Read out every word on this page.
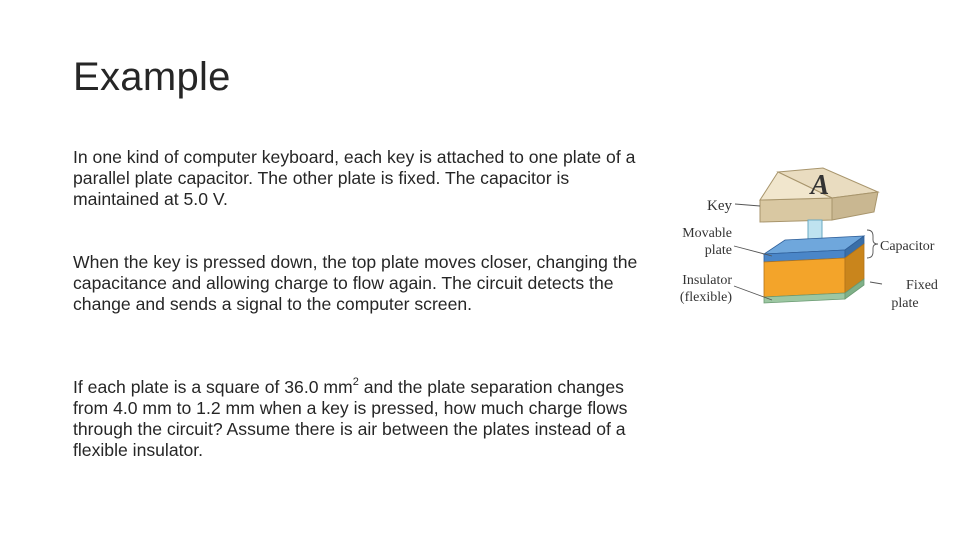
Example

In one kind of computer keyboard, each key is attached to one plate of a parallel plate capacitor. The other plate is fixed. The capacitor is maintained at 5.0 V.

When the key is pressed down, the top plate moves closer, changing the capacitance and allowing charge to flow again. The circuit detects the change and sends a signal to the computer screen.

If each plate is a square of 36.0 $mm^2$ and the plate separation changes from 4.0 mm to 1.2 mm when a key is pressed, how much charge flows through the circuit? Assume there is air between the plates instead of a flexible insulator.

A
Key
Movable
plate
Insulator
(flexible)
Capacitor
Fixed
plate
